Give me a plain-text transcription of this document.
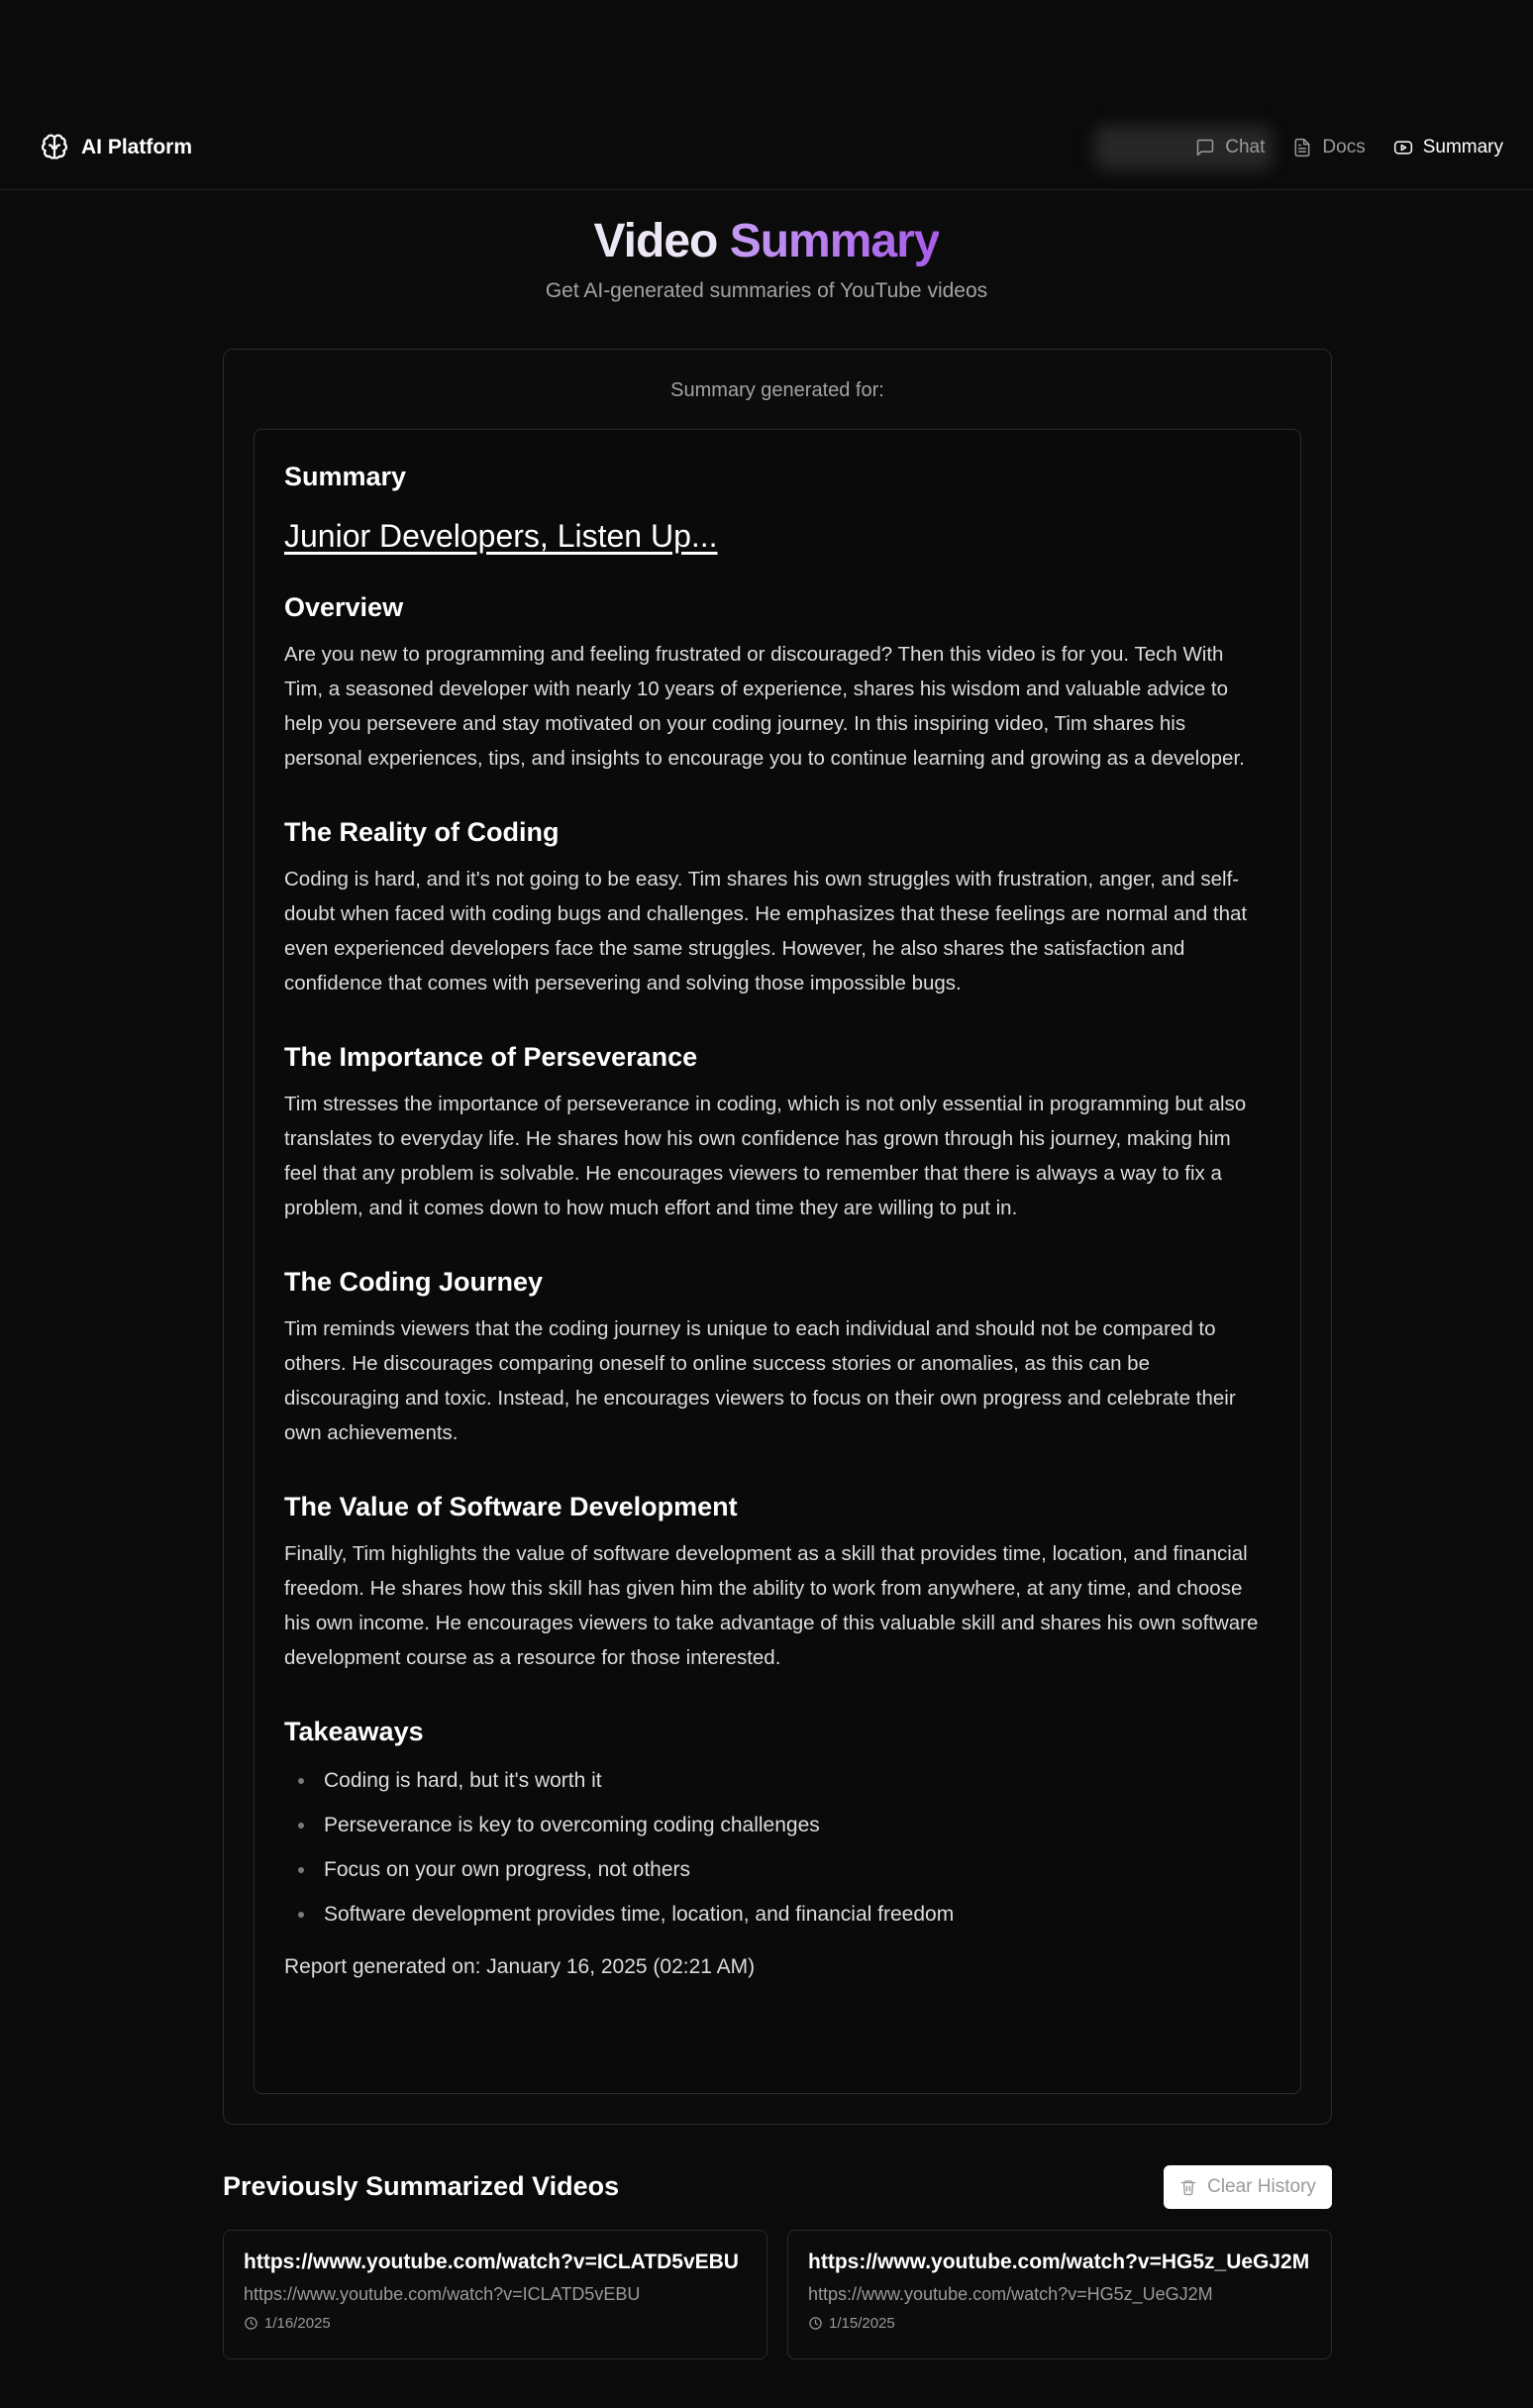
AI Platform	Chat	Docs	Summary
Video Summary
Get AI-generated summaries of YouTube videos
Summary generated for:
Summary
Junior Developers, Listen Up...
Overview

Are you new to programming and feeling frustrated or discouraged? Then this video is for you. Tech With Tim, a seasoned developer with nearly 10 years of experience, shares his wisdom and valuable advice to help you persevere and stay motivated on your coding journey. In this inspiring video, Tim shares his personal experiences, tips, and insights to encourage you to continue learning and growing as a developer.

The Reality of Coding

Coding is hard, and it's not going to be easy. Tim shares his own struggles with frustration, anger, and self-doubt when faced with coding bugs and challenges. He emphasizes that these feelings are normal and that even experienced developers face the same struggles. However, he also shares the satisfaction and confidence that comes with persevering and solving those impossible bugs.

The Importance of Perseverance

Tim stresses the importance of perseverance in coding, which is not only essential in programming but also translates to everyday life. He shares how his own confidence has grown through his journey, making him feel that any problem is solvable. He encourages viewers to remember that there is always a way to fix a problem, and it comes down to how much effort and time they are willing to put in.

The Coding Journey

Tim reminds viewers that the coding journey is unique to each individual and should not be compared to others. He discourages comparing oneself to online success stories or anomalies, as this can be discouraging and toxic. Instead, he encourages viewers to focus on their own progress and celebrate their own achievements.

The Value of Software Development

Finally, Tim highlights the value of software development as a skill that provides time, location, and financial freedom. He shares how this skill has given him the ability to work from anywhere, at any time, and choose his own income. He encourages viewers to take advantage of this valuable skill and shares his own software development course as a resource for those interested.

Takeaways
Coding is hard, but it's worth it
Perseverance is key to overcoming coding challenges
Focus on your own progress, not others
Software development provides time, location, and financial freedom
Report generated on: January 16, 2025 (02:21 AM)
Previously Summarized Videos	Clear History
https://www.youtube.com/watch?v=ICLATD5vEBU
https://www.youtube.com/watch?v=ICLATD5vEBU
1/16/2025
https://www.youtube.com/watch?v=HG5z_UeGJ2M
https://www.youtube.com/watch?v=HG5z_UeGJ2M
1/15/2025
